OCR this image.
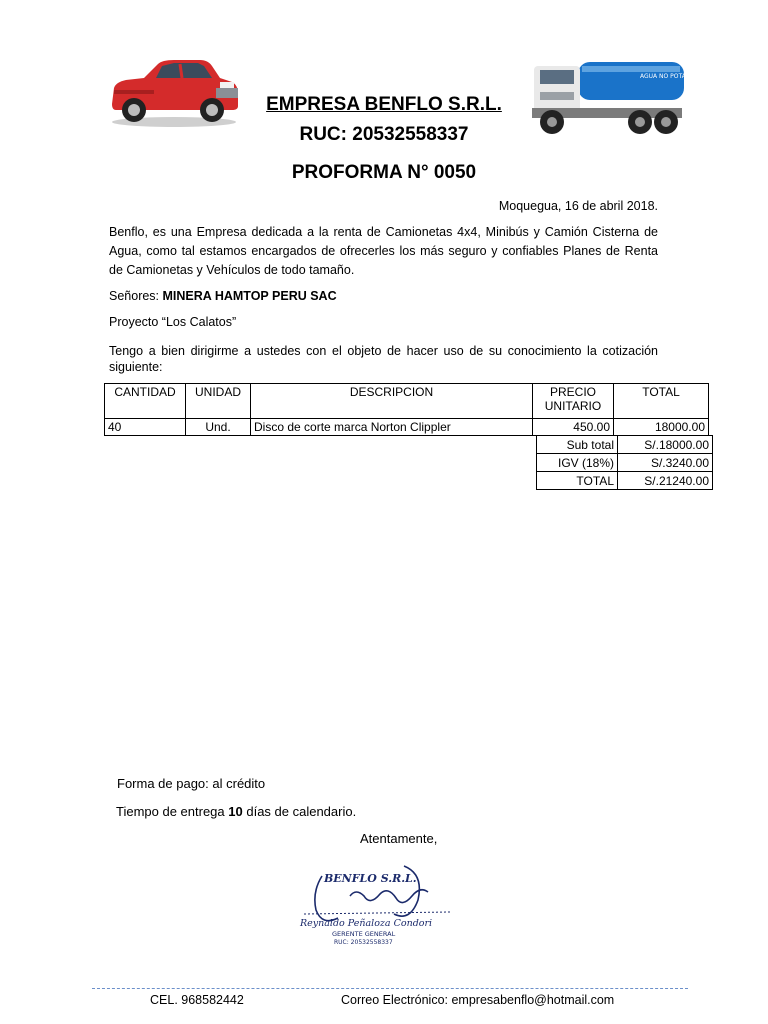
AGUA NO POTABLE
EMPRESA BENFLO S.R.L.
RUC: 20532558337
PROFORMA N° 0050
Moquegua, 16 de abril 2018.
Benflo, es una Empresa dedicada a la renta de Camionetas 4x4, Minibús y Camión Cisterna de Agua, como tal estamos encargados de ofrecerles los más seguro y confiables Planes de Renta de Camionetas y Vehículos de todo tamaño.
Señores: MINERA HAMTOP PERU SAC
Proyecto “Los Calatos”
Tengo a bien dirigirme a ustedes con el objeto de hacer uso de su conocimiento la cotización siguiente:
CANTIDAD	UNIDAD	DESCRIPCION	PRECIO UNITARIO	TOTAL
40	Und.	Disco de corte marca Norton Clippler	450.00	18000.00
Sub total	S/.18000.00
IGV (18%)	S/.3240.00
TOTAL	S/.21240.00
Forma de pago: al crédito
Tiempo de entrega 10 días de calendario.
Atentamente,
BENFLO S.R.L.
Reynaldo Peñaloza Condori
GERENTE GENERAL
RUC: 20532558337
CEL. 968582442	Correo Electrónico: empresabenflo@hotmail.com
